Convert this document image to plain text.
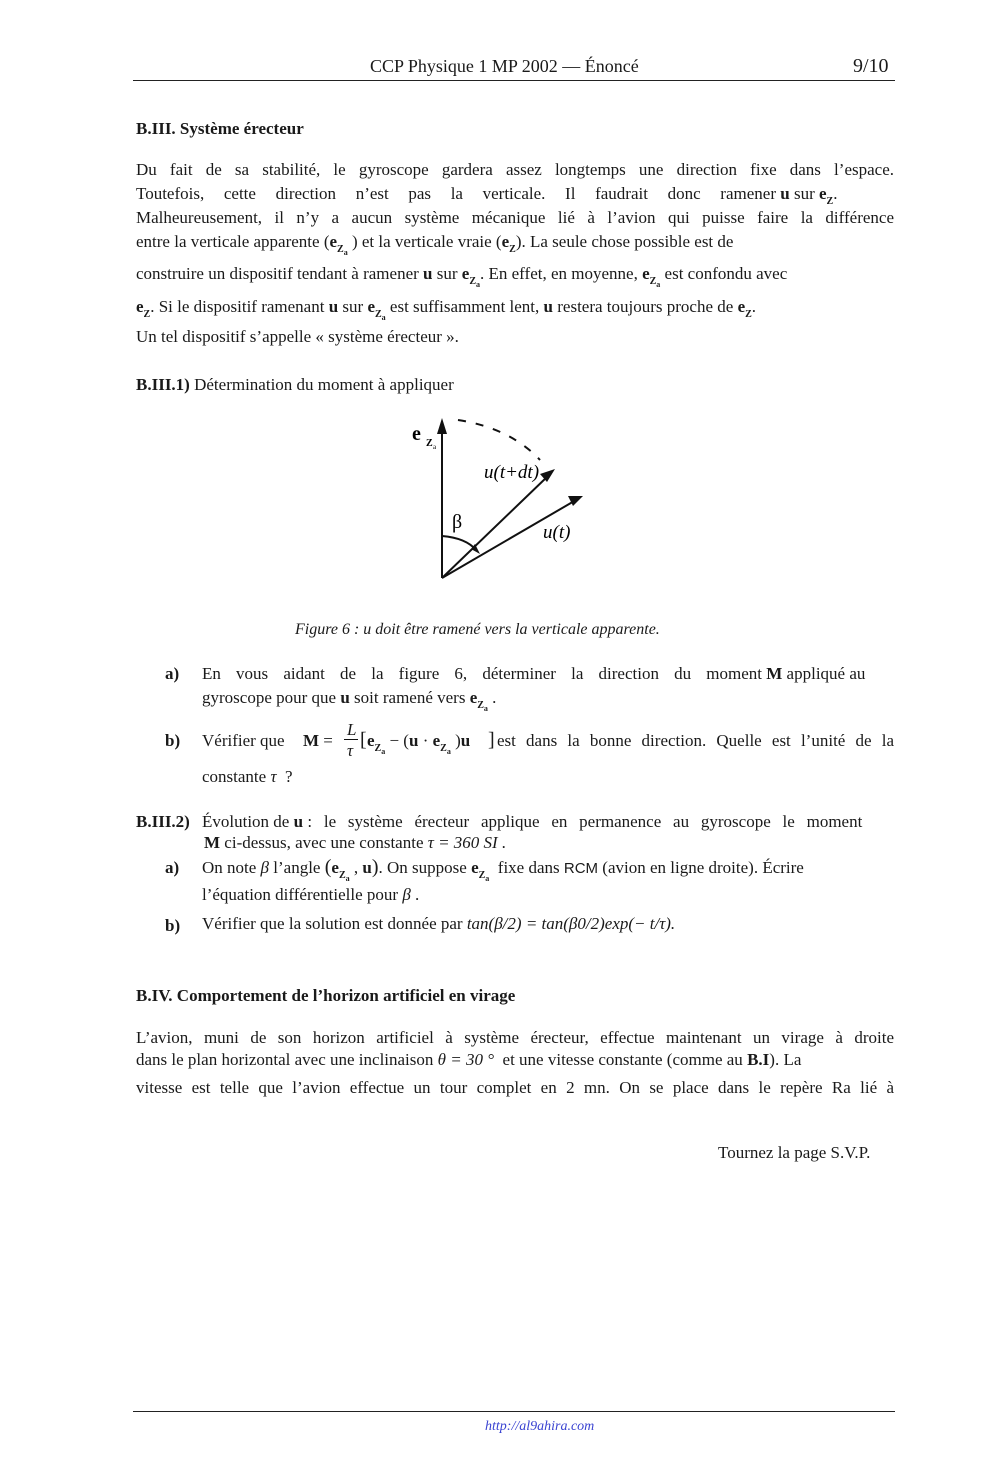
CCP Physique 1 MP 2002 — Énoncé	9/10
B.III. Système érecteur
Du fait de sa stabilité, le gyroscope gardera assez longtemps une direction fixe dans l’espace.
Toutefois, cette direction n’est pas la verticale. Il faudrait donc ramener u sur $e_Z$.
Malheureusement, il n’y a aucun système mécanique lié à l’avion qui puisse faire la différence
entre la verticale apparente ($e_{Z_a}$ ) et la verticale vraie $(e_Z)$. La seule chose possible est de
construire un dispositif tendant à ramener u sur $e_{Z_a}$. En effet, en moyenne, $e_{Z_a}$ est confondu avec
$e_Z$. Si le dispositif ramenant u sur $e_{Z_a}$ est suffisamment lent, u restera toujours proche de $e_Z$.
Un tel dispositif s’appelle « système érecteur ».
B.III.1) Détermination du moment à appliquer
e Z a
β
u(t+dt)
u(t)
Figure 6 : u doit être ramené vers la verticale apparente.
a) En vous aidant de la figure 6, déterminer la direction du moment M appliqué au
gyroscope pour que u soit ramené vers $e_{Z_a}$ .
b) Vérifier que M =
L
τ [ $e_{Z_a} - (u \cdot e_{Z_a}$ )u ] est dans la bonne direction. Quelle est l’unité de la
constante τ ?
B.III.2) Évolution de u : le système érecteur applique en permanence au gyroscope le moment
M ci-dessus, avec une constante τ = 360 SI .
a) On note β l’angle ($e_{Z_a}$ , u). On suppose $e_{Z_a}$  fixe dans RCM (avion en ligne droite). Écrire
l’équation différentielle pour β .
b) Vérifier que la solution est donnée par tan(β/2) = tan(β0/2)exp(− t/τ).
B.IV. Comportement de l’horizon artificiel en virage
L’avion, muni de son horizon artificiel à système érecteur, effectue maintenant un virage à droite
dans le plan horizontal avec une inclinaison θ = 30 ° et une vitesse constante (comme au B.I). La
vitesse est telle que l’avion effectue un tour complet en 2 mn. On se place dans le repère Ra lié à
Tournez la page S.V.P.
http://al9ahira.com
